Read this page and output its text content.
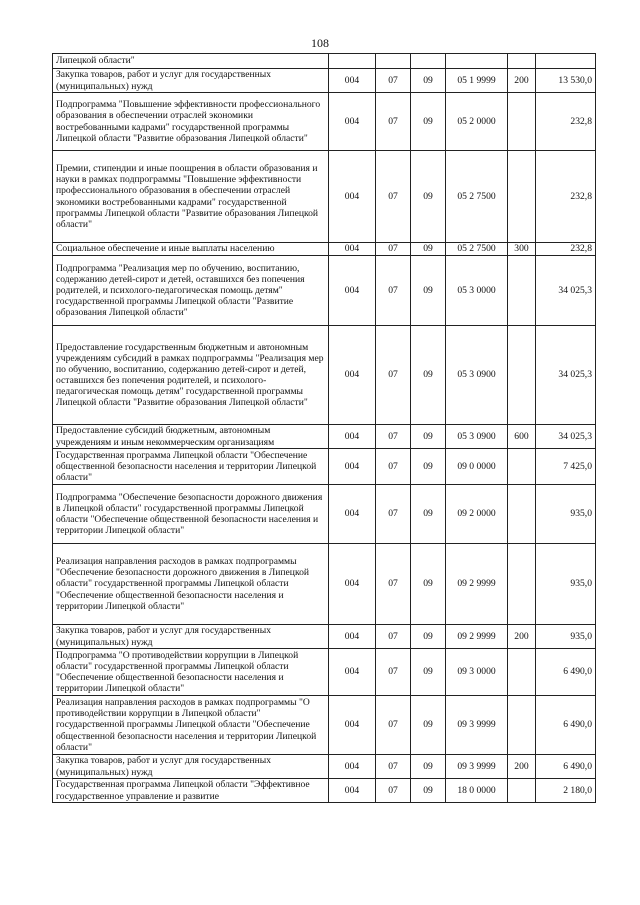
108
Липецкой области"						
Закупка товаров, работ и услуг для государственных (муниципальных) нужд	004	07	09	05 1 9999	200	13 530,0
Подпрограмма "Повышение эффективности профессионального образования в обеспечении отраслей экономики востребованными кадрами" государственной программы Липецкой области "Развитие образования Липецкой области"	004	07	09	05 2 0000		232,8
Премии, стипендии и иные поощрения в области образования и науки в рамках подпрограммы "Повышение эффективности профессионального образования в обеспечении отраслей экономики востребованными кадрами" государственной программы Липецкой области "Развитие образования Липецкой области"	004	07	09	05 2 7500		232,8
Социальное обеспечение и иные выплаты населению	004	07	09	05 2 7500	300	232,8
Подпрограмма "Реализация мер по обучению, воспитанию, содержанию детей-сирот и детей, оставшихся без попечения родителей, и психолого-педагогическая помощь детям" государственной программы Липецкой области "Развитие образования Липецкой области"	004	07	09	05 3 0000		34 025,3
Предоставление государственным бюджетным и автономным учреждениям субсидий в рамках подпрограммы "Реализация мер по обучению, воспитанию, содержанию детей-сирот и детей, оставшихся без попечения родителей, и психолого-педагогическая помощь детям" государственной программы Липецкой области "Развитие образования Липецкой области"	004	07	09	05 3 0900		34 025,3
Предоставление субсидий бюджетным, автономным учреждениям и иным некоммерческим организациям	004	07	09	05 3 0900	600	34 025,3
Государственная программа Липецкой области "Обеспечение общественной безопасности населения и территории Липецкой области"	004	07	09	09 0 0000		7 425,0
Подпрограмма "Обеспечение безопасности дорожного движения в Липецкой области" государственной программы Липецкой области "Обеспечение общественной безопасности населения и территории Липецкой области"	004	07	09	09 2 0000		935,0
Реализация направления расходов в рамках подпрограммы "Обеспечение безопасности дорожного движения в Липецкой области" государственной программы Липецкой области "Обеспечение общественной безопасности населения и территории Липецкой области"	004	07	09	09 2 9999		935,0
Закупка товаров, работ и услуг для государственных (муниципальных) нужд	004	07	09	09 2 9999	200	935,0
Подпрограмма "О противодействии коррупции в Липецкой области" государственной программы Липецкой области "Обеспечение общественной безопасности населения и территории Липецкой области"	004	07	09	09 3 0000		6 490,0
Реализация направления расходов в рамках подпрограммы "О противодействии коррупции в Липецкой области" государственной программы Липецкой области "Обеспечение общественной безопасности населения и территории Липецкой области"	004	07	09	09 3 9999		6 490,0
Закупка товаров, работ и услуг для государственных (муниципальных) нужд	004	07	09	09 3 9999	200	6 490,0
Государственная программа Липецкой области "Эффективное государственное управление и развитие	004	07	09	18 0 0000		2 180,0
